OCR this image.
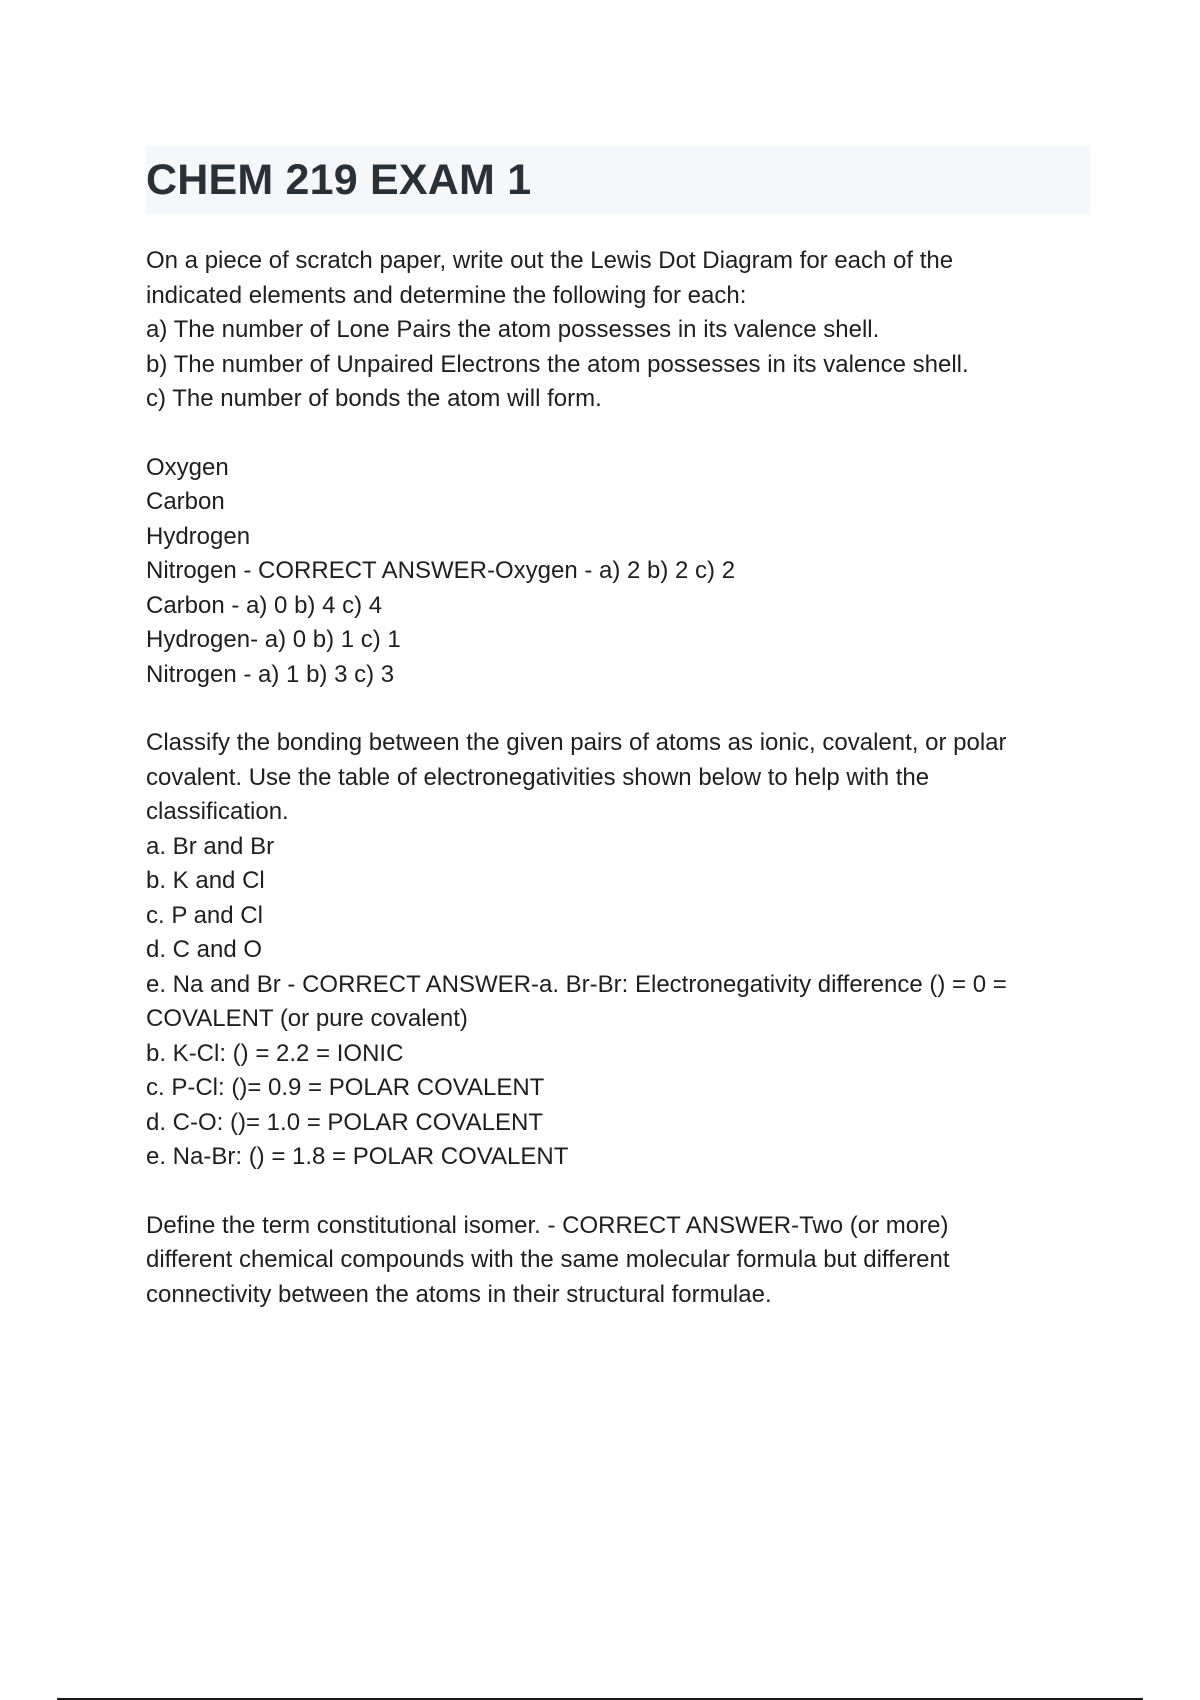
CHEM 219 EXAM 1
On a piece of scratch paper, write out the Lewis Dot Diagram for each of the
indicated elements and determine the following for each:
a) The number of Lone Pairs the atom possesses in its valence shell.
b) The number of Unpaired Electrons the atom possesses in its valence shell.
c) The number of bonds the atom will form.
Oxygen
Carbon
Hydrogen
Nitrogen - CORRECT ANSWER-Oxygen - a) 2 b) 2 c) 2
Carbon - a) 0 b) 4 c) 4
Hydrogen- a) 0 b) 1 c) 1
Nitrogen - a) 1 b) 3 c) 3
Classify the bonding between the given pairs of atoms as ionic, covalent, or polar
covalent. Use the table of electronegativities shown below to help with the
classification.
a. Br and Br
b. K and Cl
c. P and Cl
d. C and O
e. Na and Br - CORRECT ANSWER-a. Br-Br: Electronegativity difference () = 0 =
COVALENT (or pure covalent)
b. K-Cl: () = 2.2 = IONIC
c. P-Cl: ()= 0.9 = POLAR COVALENT
d. C-O: ()= 1.0 = POLAR COVALENT
e. Na-Br: () = 1.8 = POLAR COVALENT
Define the term constitutional isomer. - CORRECT ANSWER-Two (or more)
different chemical compounds with the same molecular formula but different
connectivity between the atoms in their structural formulae.
